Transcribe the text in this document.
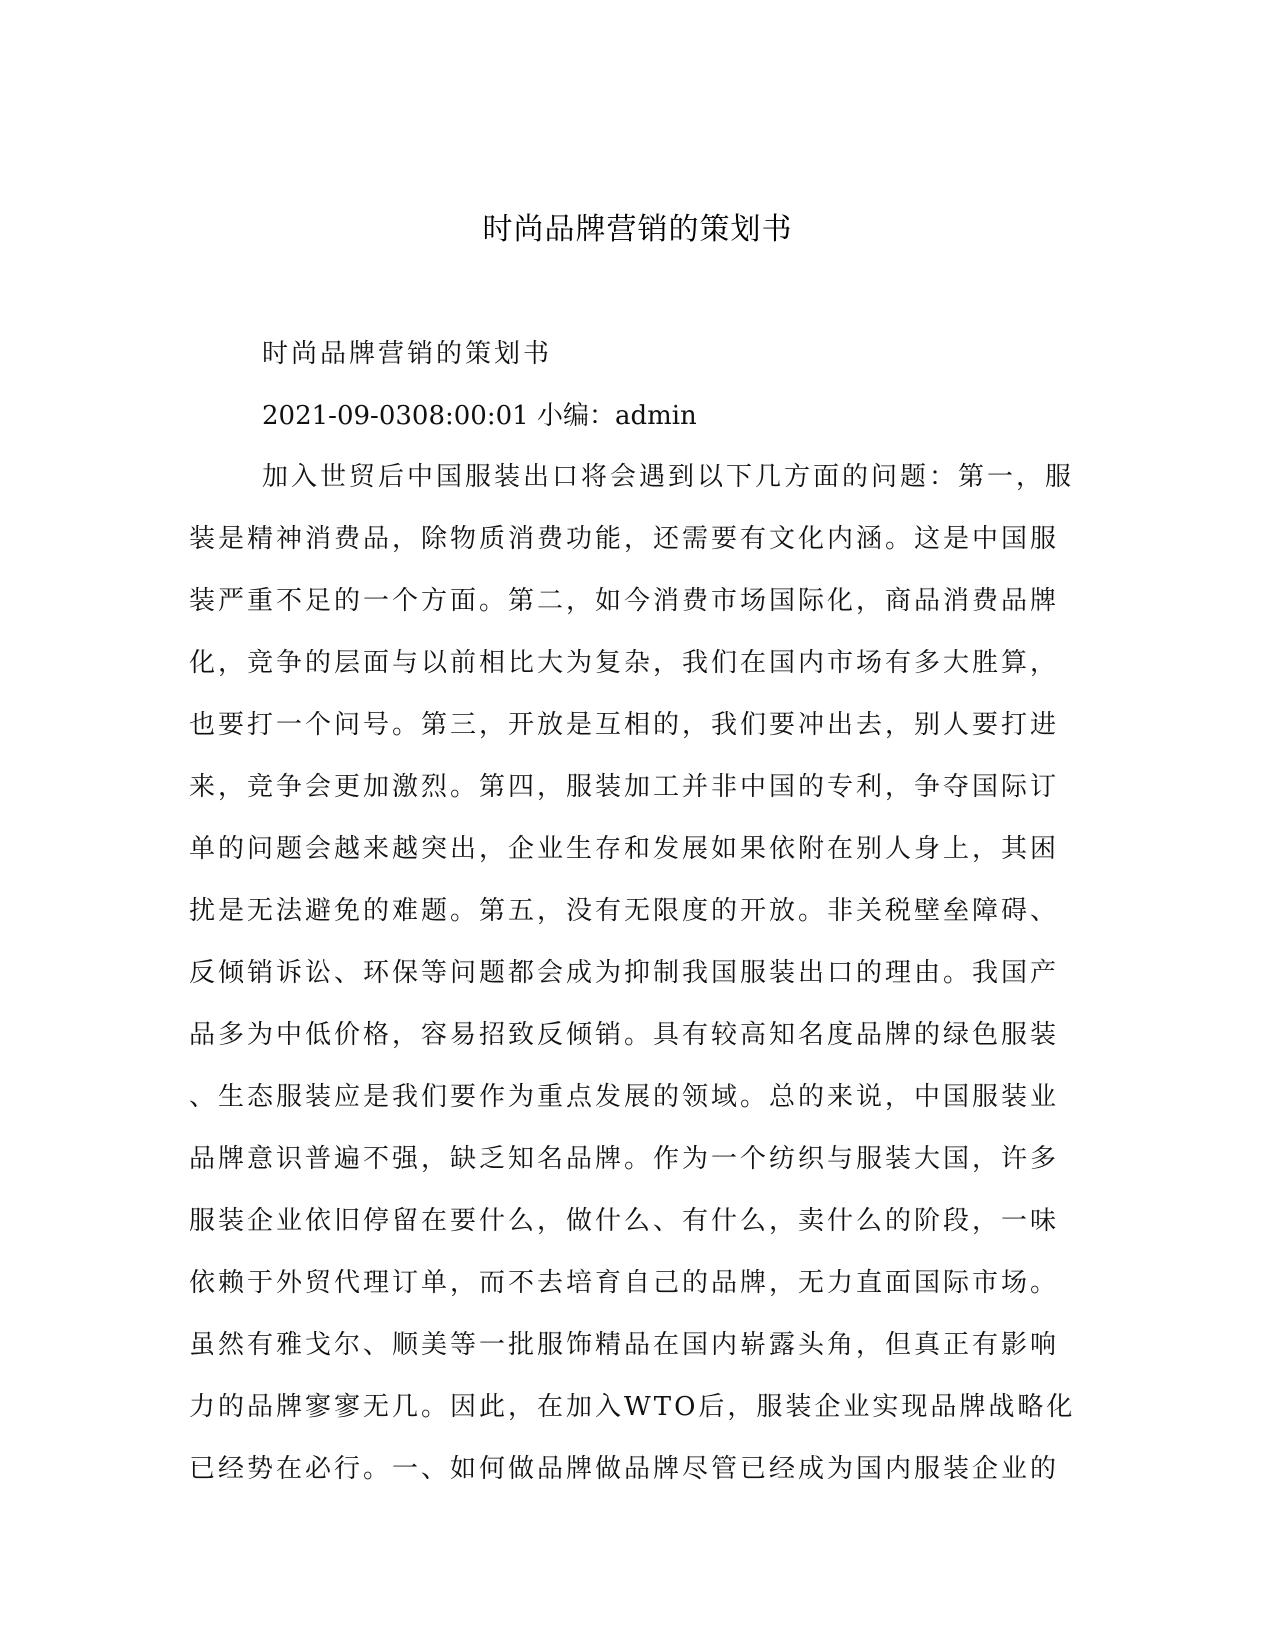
时尚品牌营销的策划书
时尚品牌营销的策划书
2021-09-0308:00:01 小编：admin
加入世贸后中国服装出口将会遇到以下几方面的问题：第一，服
装是精神消费品，除物质消费功能，还需要有文化内涵。这是中国服
装严重不足的一个方面。第二，如今消费市场国际化，商品消费品牌
化，竞争的层面与以前相比大为复杂，我们在国内市场有多大胜算，
也要打一个问号。第三，开放是互相的，我们要冲出去，别人要打进
来，竞争会更加激烈。第四，服装加工并非中国的专利，争夺国际订
单的问题会越来越突出，企业生存和发展如果依附在别人身上，其困
扰是无法避免的难题。第五，没有无限度的开放。非关税壁垒障碍、
反倾销诉讼、环保等问题都会成为抑制我国服装出口的理由。我国产
品多为中低价格，容易招致反倾销。具有较高知名度品牌的绿色服装
、生态服装应是我们要作为重点发展的领域。总的来说，中国服装业
品牌意识普遍不强，缺乏知名品牌。作为一个纺织与服装大国，许多
服装企业依旧停留在要什么，做什么、有什么，卖什么的阶段，一味
依赖于外贸代理订单，而不去培育自己的品牌，无力直面国际市场。
虽然有雅戈尔、顺美等一批服饰精品在国内崭露头角，但真正有影响
力的品牌寥寥无几。因此，在加入WTO后，服装企业实现品牌战略化
已经势在必行。一、如何做品牌做品牌尽管已经成为国内服装企业的
